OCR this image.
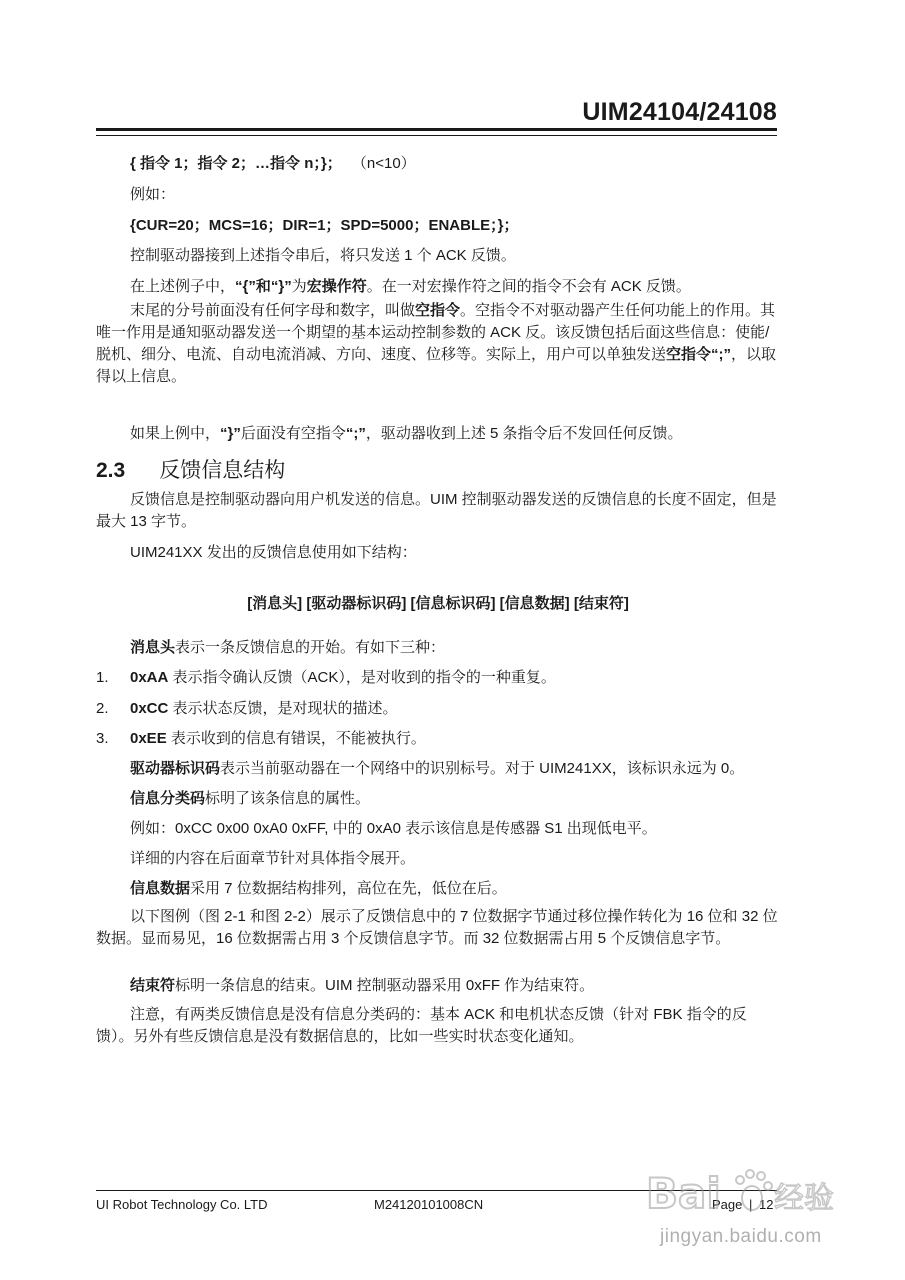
UIM24104/24108
{ 指令 1；指令 2；…指令 n；}； （n<10）
例如：
{CUR=20；MCS=16；DIR=1；SPD=5000；ENABLE；}；
控制驱动器接到上述指令串后，将只发送 1 个 ACK 反馈。
在上述例子中，“{”和“}”为宏操作符。在一对宏操作符之间的指令不会有 ACK 反馈。
末尾的分号前面没有任何字母和数字，叫做空指令。空指令不对驱动器产生任何功能上的作用。其唯一作用是通知驱动器发送一个期望的基本运动控制参数的 ACK 反。该反馈包括后面这些信息：使能/脱机、细分、电流、自动电流消减、方向、速度、位移等。实际上，用户可以单独发送空指令“;”，以取得以上信息。
如果上例中，“}”后面没有空指令“;”，驱动器收到上述 5 条指令后不发回任何反馈。
2.3 反馈信息结构
反馈信息是控制驱动器向用户机发送的信息。UIM 控制驱动器发送的反馈信息的长度不固定，但是最大 13 字节。
UIM241XX 发出的反馈信息使用如下结构：
[消息头] [驱动器标识码] [信息标识码] [信息数据] [结束符]
消息头表示一条反馈信息的开始。有如下三种：
1. 0xAA 表示指令确认反馈（ACK），是对收到的指令的一种重复。
2. 0xCC 表示状态反馈，是对现状的描述。
3. 0xEE 表示收到的信息有错误，不能被执行。
驱动器标识码表示当前驱动器在一个网络中的识别标号。对于 UIM241XX，该标识永远为 0。
信息分类码标明了该条信息的属性。
例如：0xCC 0x00 0xA0 0xFF, 中的 0xA0 表示该信息是传感器 S1 出现低电平。
详细的内容在后面章节针对具体指令展开。
信息数据采用 7 位数据结构排列，高位在先，低位在后。
以下图例（图 2-1 和图 2-2）展示了反馈信息中的 7 位数据字节通过移位操作转化为 16 位和 32 位数据。显而易见，16 位数据需占用 3 个反馈信息字节。而 32 位数据需占用 5 个反馈信息字节。
结束符标明一条信息的结束。UIM 控制驱动器采用 0xFF 作为结束符。
注意，有两类反馈信息是没有信息分类码的：基本 ACK 和电机状态反馈（针对 FBK 指令的反馈）。另外有些反馈信息是没有数据信息的，比如一些实时状态变化通知。
UI Robot Technology Co. LTD	M24120101008CN	Page | 12
Bai 经验
jingyan.baidu.com
